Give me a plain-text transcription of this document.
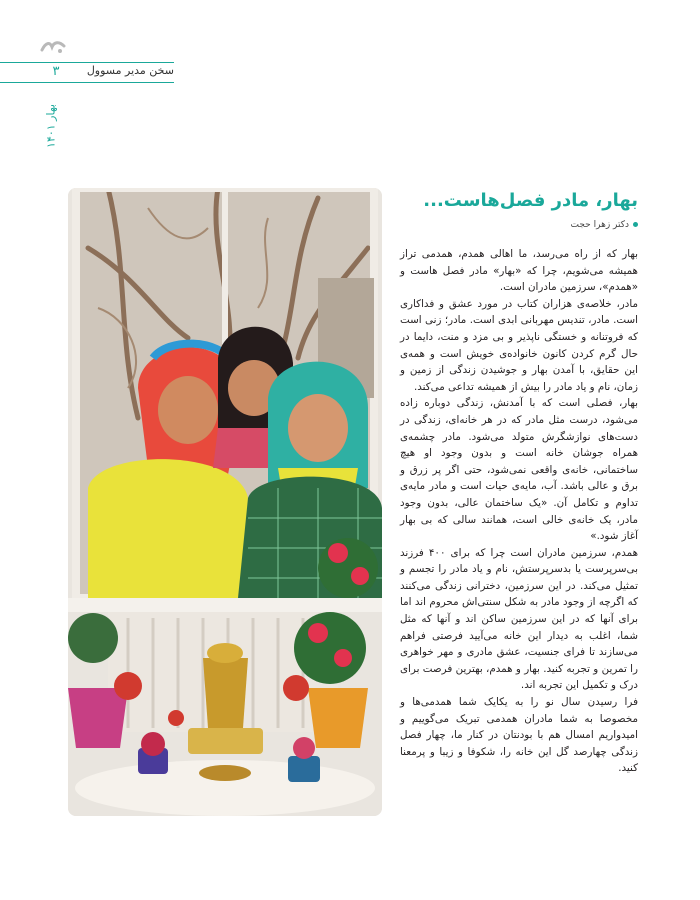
۳	سخن مدیر مسوول
بهار ۱۴۰۱
بهار، مادر فصل‌هاست...
دکتر زهرا حجت

بهار که از راه می‌رسد، ما اهالی همدم، همدمی تراز همیشه می‌شویم، چرا که «بهار» مادر فصل هاست و «همدم»، سرزمین مادران است.

مادر، خلاصه‌ی هزاران کتاب در مورد عشق و فداکاری است. مادر، تندیس مهربانی ابدی است. مادر؛ زنی است که فروتنانه و خستگی ناپذیر و بی مزد و منت، دایما در حال گرم کردن کانون خانواده‌ی خویش است و همه‌ی این حقایق، با آمدن بهار و جوشیدن زندگی از زمین و زمان، نام و یاد مادر را بیش از همیشه تداعی می‌کند.

بهار، فصلی است که با آمدنش، زندگی دوباره زاده می‌شود، درست مثل مادر که در هر خانه‌ای، زندگی در دست‌های نوازشگرش متولد می‌شود. مادر چشمه‌ی همراه جوشان خانه است و بدون وجود او هیچ ساختمانی، خانه‌ی واقعی نمی‌شود، حتی اگر پر زرق و برق و عالی باشد. آب، مایه‌ی حیات است و مادر مایه‌ی تداوم و تکامل آن. «یک ساختمان عالی، بدون وجود مادر، یک خانه‌ی خالی است، همانند سالی که بی بهار آغاز شود.»

همدم، سرزمین مادران است چرا که برای ۴۰۰ فرزند بی‌سرپرست یا بدسرپرستش، نام و یاد مادر را تجسم و تمثیل می‌کند. در این سرزمین، دخترانی زندگی می‌کنند که اگرچه از وجود مادر به شکل سنتی‌اش محروم اند اما برای آنها که در این سرزمین ساکن اند و آنها که مثل شما، اغلب به دیدار این خانه می‌آیید فرصتی فراهم می‌سازند تا فرای جنسیت، عشق مادری و مهر خواهری را تمرین و تجربه کنید. بهار و همدم، بهترین فرصت برای درک و تکمیل این تجربه اند.

فرا رسیدن سال نو را به یکایک شما همدمی‌ها و مخصوصا به شما مادران همدمی تبریک می‌گوییم و امیدواریم امسال هم با بودنتان در کنار ما، چهار فصل زندگی چهارصد گل این خانه را، شکوفا و زیبا و پرمعنا کنید.
